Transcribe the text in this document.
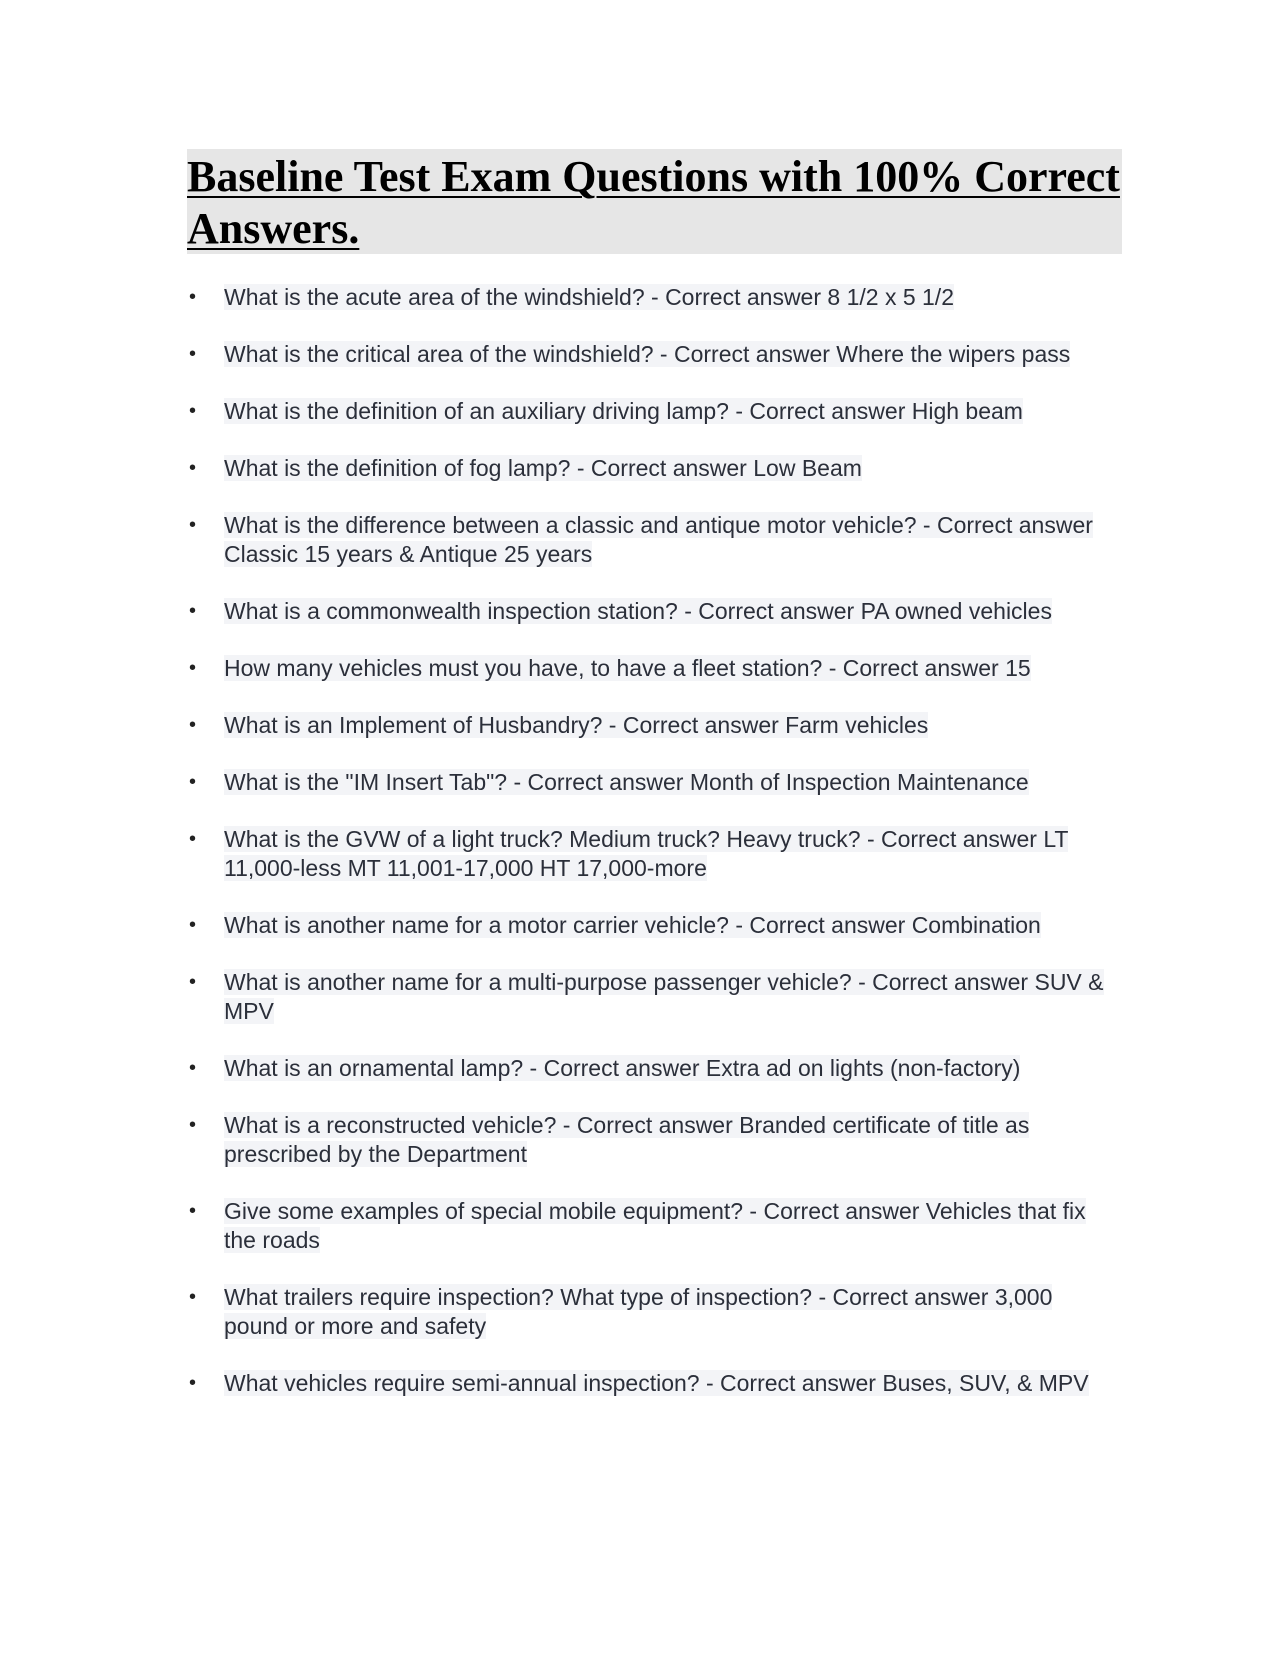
Baseline Test Exam Questions with 100% Correct Answers.
• What is the acute area of the windshield? - Correct answer 8 1/2 x 5 1/2
• What is the critical area of the windshield? - Correct answer Where the wipers pass
• What is the definition of an auxiliary driving lamp? - Correct answer High beam
• What is the definition of fog lamp? - Correct answer Low Beam
• What is the difference between a classic and antique motor vehicle? - Correct answer Classic 15 years & Antique 25 years
• What is a commonwealth inspection station? - Correct answer PA owned vehicles
• How many vehicles must you have, to have a fleet station? - Correct answer 15
• What is an Implement of Husbandry? - Correct answer Farm vehicles
• What is the "IM Insert Tab"? - Correct answer Month of Inspection Maintenance
• What is the GVW of a light truck? Medium truck? Heavy truck? - Correct answer LT 11,000-less MT 11,001-17,000 HT 17,000-more
• What is another name for a motor carrier vehicle? - Correct answer Combination
• What is another name for a multi-purpose passenger vehicle? - Correct answer SUV & MPV
• What is an ornamental lamp? - Correct answer Extra ad on lights (non-factory)
• What is a reconstructed vehicle? - Correct answer Branded certificate of title as prescribed by the Department
• Give some examples of special mobile equipment? - Correct answer Vehicles that fix the roads
• What trailers require inspection? What type of inspection? - Correct answer 3,000 pound or more and safety
• What vehicles require semi-annual inspection? - Correct answer Buses, SUV, & MPV
